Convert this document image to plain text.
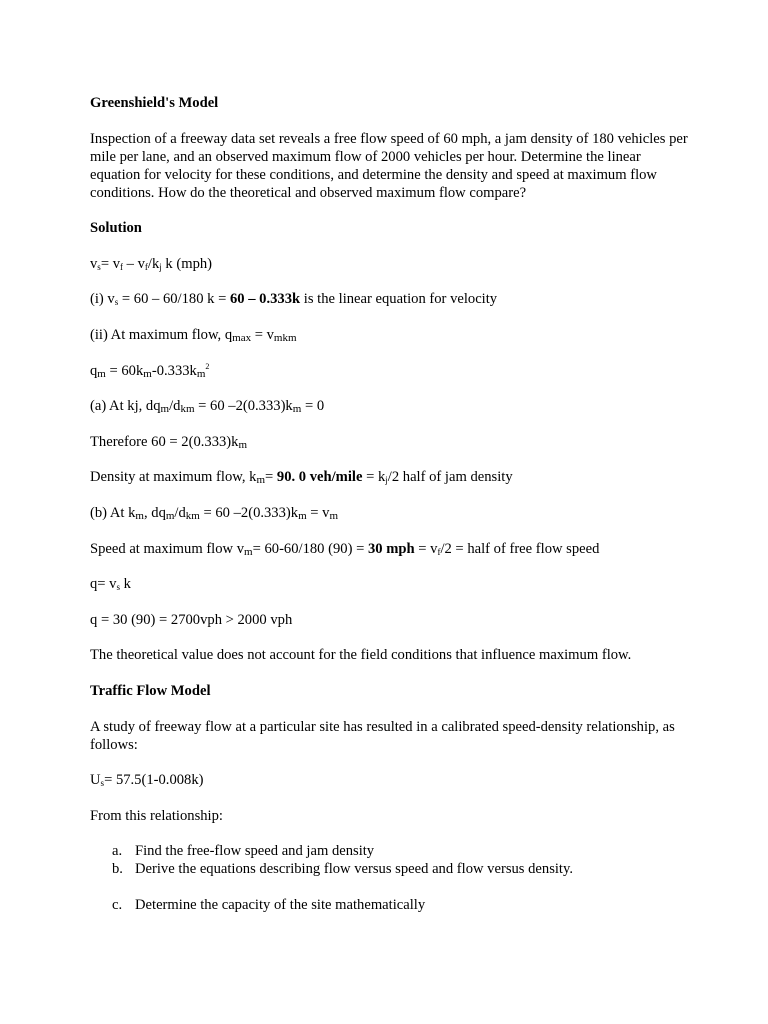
Greenshield's Model

Inspection of a freeway data set reveals a free flow speed of 60 mph, a jam density of 180 vehicles per mile per lane, and an observed maximum flow of 2000 vehicles per hour. Determine the linear equation for velocity for these conditions, and determine the density and speed at maximum flow conditions. How do the theoretical and observed maximum flow compare?

Solution

$v_s= v_f - v_f/k_j$ k (mph)

(i) $v_s = 60 - 60/180$ k = 60 – 0.333k is the linear equation for velocity

(ii) At maximum flow, $q_{max} = v_{mkm}$

$q_m = 60k_m-0.333k_m^2$

(a) At kj, $dq_m/d_{km} = 60$ $-2(0.333)k_m = 0$

Therefore $60 = 2(0.333)k_m$

Density at maximum flow, $k_m= 90$. 0 veh/mile = $k_j/2$ half of jam density

(b) At $k_m$, $dq_m/d_{km} = 60$ $-2(0.333)k_m = v_m$

Speed at maximum flow $v_m= 60-60/180$ (90) = 30 mph = $v_f/2$ = half of free flow speed

$q= v_s$ k

q = 30 (90) = 2700vph > 2000 vph

The theoretical value does not account for the field conditions that influence maximum flow.

Traffic Flow Model

A study of freeway flow at a particular site has resulted in a calibrated speed-density relationship, as follows:

$U_s= 57.5(1-0.008k)$

From this relationship:

a. Find the free-flow speed and jam density
b. Derive the equations describing flow versus speed and flow versus density.
c. Determine the capacity of the site mathematically
